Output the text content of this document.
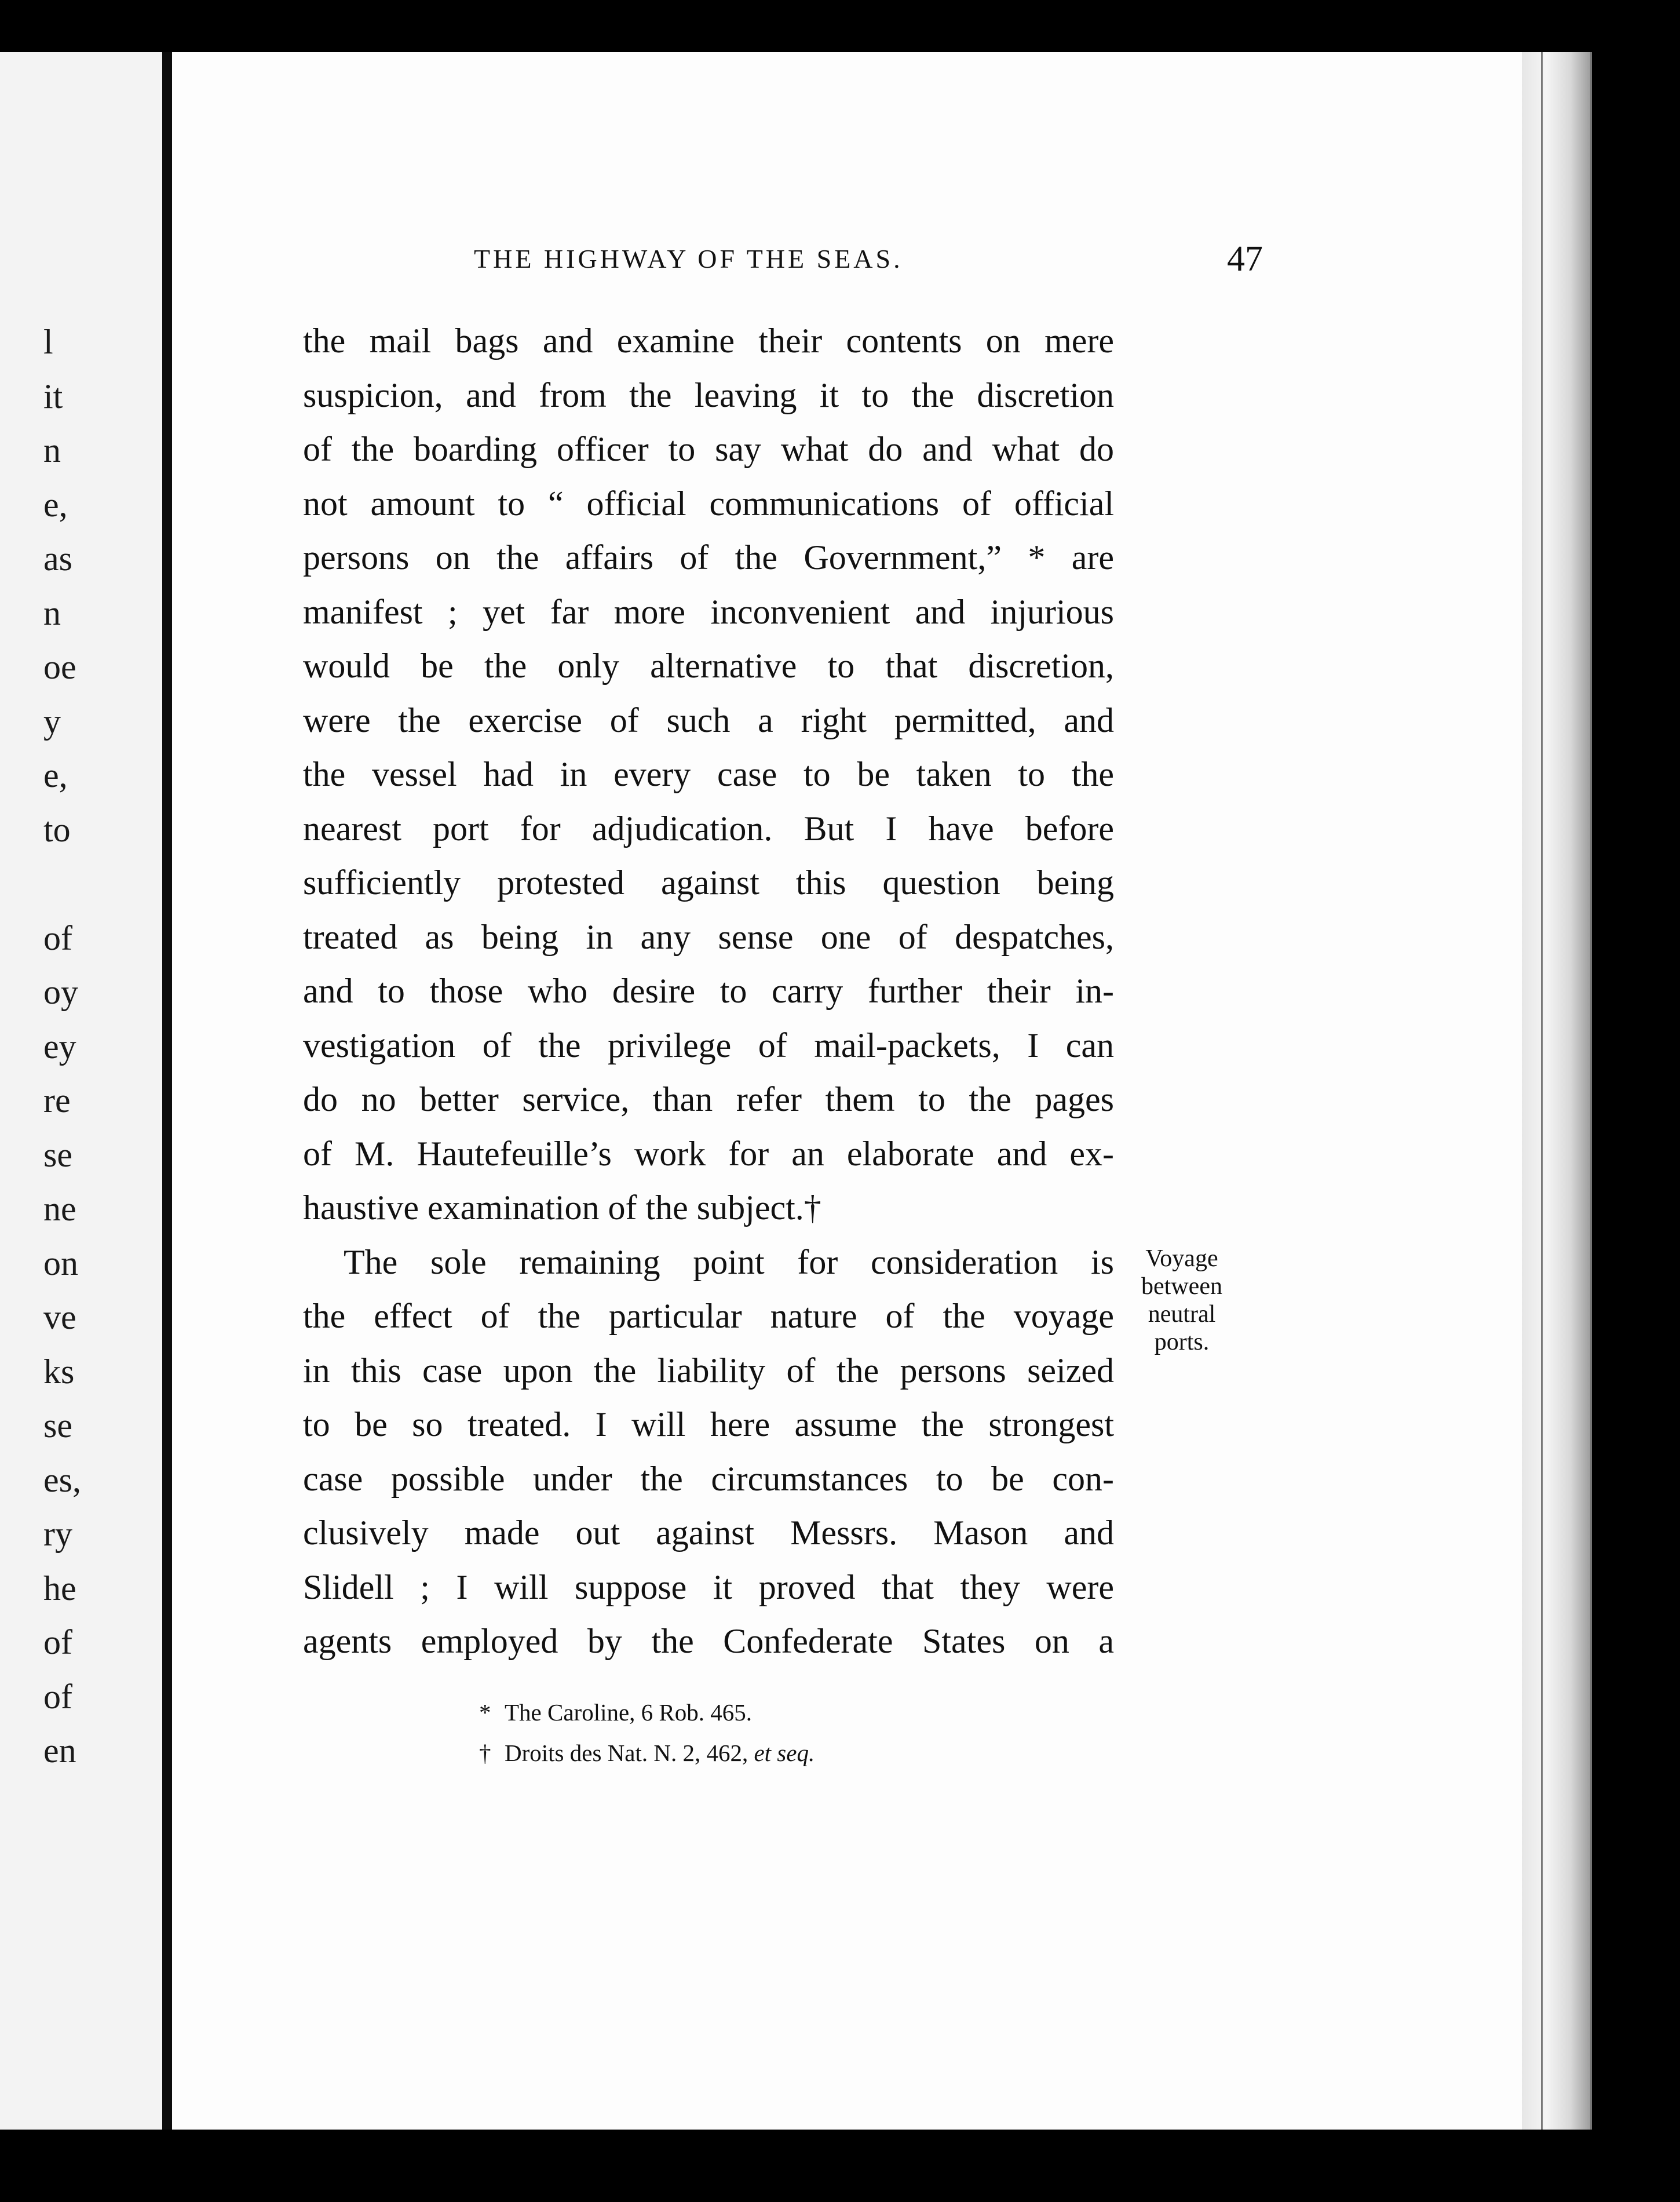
l
it
n
e,
as
n
oe
y
e,
to
of
oy
ey
re
se
ne
on
ve
ks
se
es,
ry
he
of
of
en
THE HIGHWAY OF THE SEAS.	47
the mail bags and examine their contents on mere
suspicion, and from the leaving it to the discretion
of the boarding officer to say what do and what do
not amount to “ official communications of official
persons on the affairs of the Government,” * are
manifest ; yet far more inconvenient and injurious
would be the only alternative to that discretion,
were the exercise of such a right permitted, and
the vessel had in every case to be taken to the
nearest port for adjudication. But I have before
sufficiently protested against this question being
treated as being in any sense one of despatches,
and to those who desire to carry further their in-
vestigation of the privilege of mail-packets, I can
do no better service, than refer them to the pages
of M. Hautefeuille’s work for an elaborate and ex-
haustive examination of the subject.†
The sole remaining point for consideration is
the effect of the particular nature of the voyage
in this case upon the liability of the persons seized
to be so treated. I will here assume the strongest
case possible under the circumstances to be con-
clusively made out against Messrs. Mason and
Slidell ; I will suppose it proved that they were
agents employed by the Confederate States on a
Voyage
between
neutral
ports.
* The Caroline, 6 Rob. 465.
† Droits des Nat. N. 2, 462, et seq.
